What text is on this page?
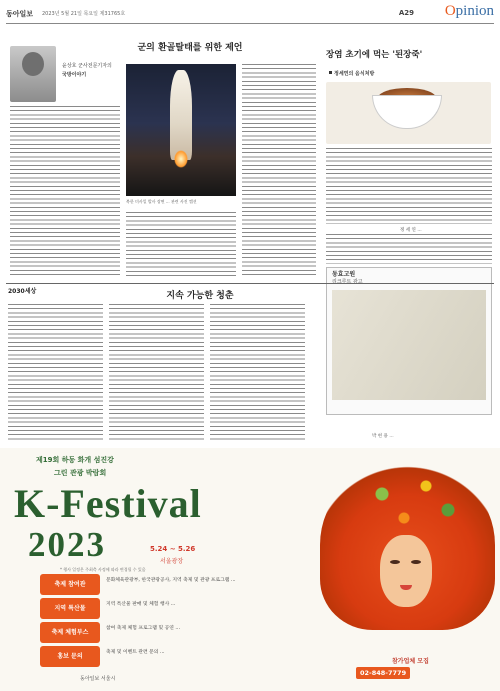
동아일보 2023년 5월 21일 목요일 제31765호	A29 Opinion
윤상호 군사전문기자의
국방이야기
군의 환골탈태를 위한 제언
북한 미사일 발사 장면 ... 관련 사진 캡션
장염 초기에 먹는 '된장죽'
정세연의 음식처방
정 세 연 ...
동효고원
리크루트 광고
2030세상	지속 가능한 청춘
박 현 용 ...
제19회 하동 화개 섬진강
그린 관광 박람회
K-Festival
2023	5.24 ~ 5.26
서울광장
* 행사 일정은 주최측 사정에 따라 변경될 수 있음
축제 참여관
문화체육관광부, 한국관광공사, 지역 축제 및 관광 프로그램 ...
지역 특산물
지역 특산물 판매 및 체험 행사 ...
축제 체험부스
참여 축제 체험 프로그램 및 공연 ...
홍보 문의
축제 및 이벤트 관련 문의 ...
참가업체 모집
02-848-7779
동아일보 서울시
